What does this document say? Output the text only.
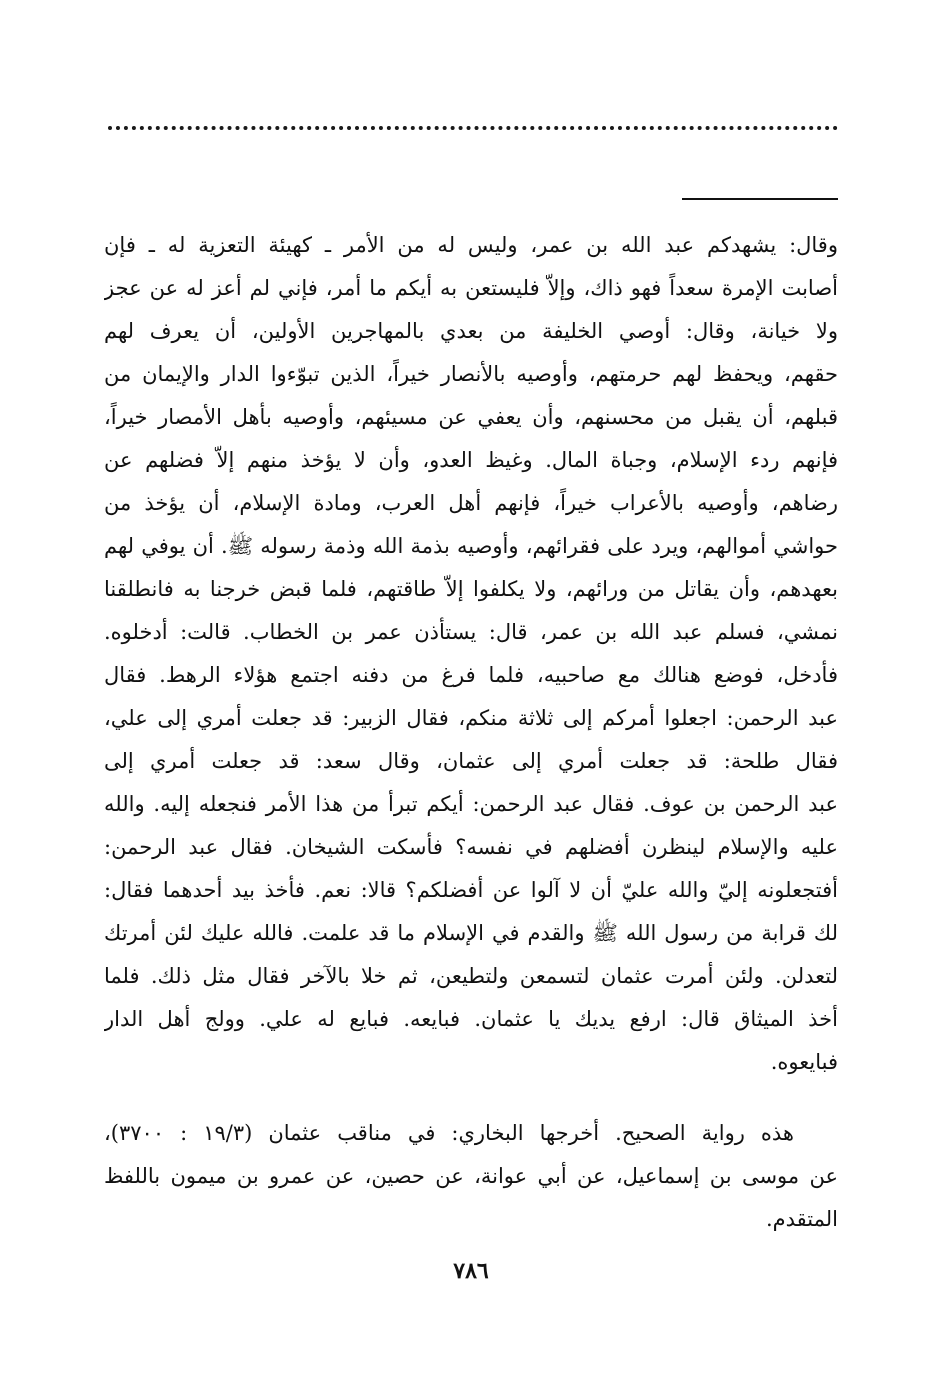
وقال: يشهدكم عبد الله بن عمر، وليس له من الأمر ـ كهيئة التعزية له ـ فإن
أصابت الإمرة سعداً فهو ذاك، وإلاّ فليستعن به أيكم ما أمر، فإني لم أعز له عن عجز
ولا خيانة، وقال: أوصي الخليفة من بعدي بالمهاجرين الأولين، أن يعرف لهم
حقهم، ويحفظ لهم حرمتهم، وأوصيه بالأنصار خيراً، الذين تبوّءوا الدار والإيمان من
قبلهم، أن يقبل من محسنهم، وأن يعفي عن مسيئهم، وأوصيه بأهل الأمصار خيراً،
فإنهم ردء الإسلام، وجباة المال. وغيظ العدو، وأن لا يؤخذ منهم إلاّ فضلهم عن
رضاهم، وأوصيه بالأعراب خيراً، فإنهم أهل العرب، ومادة الإسلام، أن يؤخذ من
حواشي أموالهم، ويرد على فقرائهم، وأوصيه بذمة الله وذمة رسوله ﷺ. أن يوفي لهم
بعهدهم، وأن يقاتل من ورائهم، ولا يكلفوا إلاّ طاقتهم، فلما قبض خرجنا به فانطلقنا
نمشي، فسلم عبد الله بن عمر، قال: يستأذن عمر بن الخطاب. قالت: أدخلوه.
فأدخل، فوضع هنالك مع صاحبيه، فلما فرغ من دفنه اجتمع هؤلاء الرهط. فقال
عبد الرحمن: اجعلوا أمركم إلى ثلاثة منكم، فقال الزبير: قد جعلت أمري إلى علي،
فقال طلحة: قد جعلت أمري إلى عثمان، وقال سعد: قد جعلت أمري إلى
عبد الرحمن بن عوف. فقال عبد الرحمن: أيكم تبرأ من هذا الأمر فنجعله إليه. والله
عليه والإسلام لينظرن أفضلهم في نفسه؟ فأسكت الشيخان. فقال عبد الرحمن:
أفتجعلونه إليّ والله عليّ أن لا آلوا عن أفضلكم؟ قالا: نعم. فأخذ بيد أحدهما فقال:
لك قرابة من رسول الله ﷺ والقدم في الإسلام ما قد علمت. فالله عليك لئن أمرتك
لتعدلن. ولئن أمرت عثمان لتسمعن ولتطيعن، ثم خلا بالآخر فقال مثل ذلك. فلما
أخذ الميثاق قال: ارفع يديك يا عثمان. فبايعه. فبايع له علي. وولج أهل الدار
فبايعوه.
هذه رواية الصحيح. أخرجها البخاري: في مناقب عثمان (١٩/٣ : ٣٧٠٠)،
عن موسى بن إسماعيل، عن أبي عوانة، عن حصين، عن عمرو بن ميمون باللفظ
المتقدم.
٧٨٦
